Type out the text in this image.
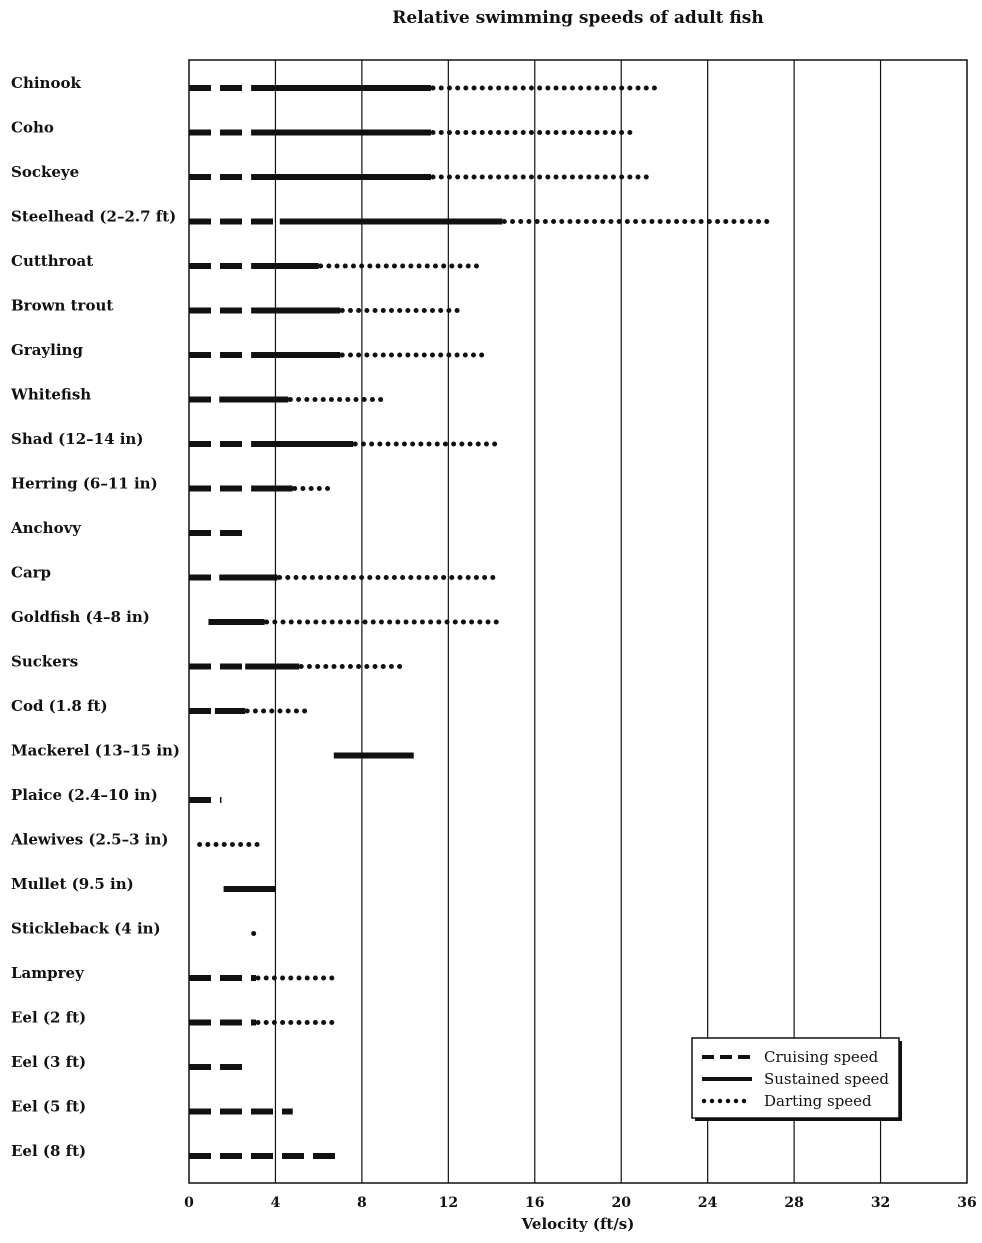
Relative swimming speeds of adult fish
Chinook
Coho
Sockeye
Steelhead (2–2.7 ft)
Cutthroat
Brown trout
Grayling
Whitefish
Shad (12–14 in)
Herring (6–11 in)
Anchovy
Carp
Goldfish (4–8 in)
Suckers
Cod (1.8 ft)
Mackerel (13–15 in)
Plaice (2.4–10 in)
Alewives (2.5–3 in)
Mullet (9.5 in)
Stickleback (4 in)
Lamprey
Eel (2 ft)
Eel (3 ft)
Eel (5 ft)
Eel (8 ft)
0	4	8	12	16	20	24	28	32	36
Velocity (ft/s)
Cruising speed
Sustained speed
Darting speed
